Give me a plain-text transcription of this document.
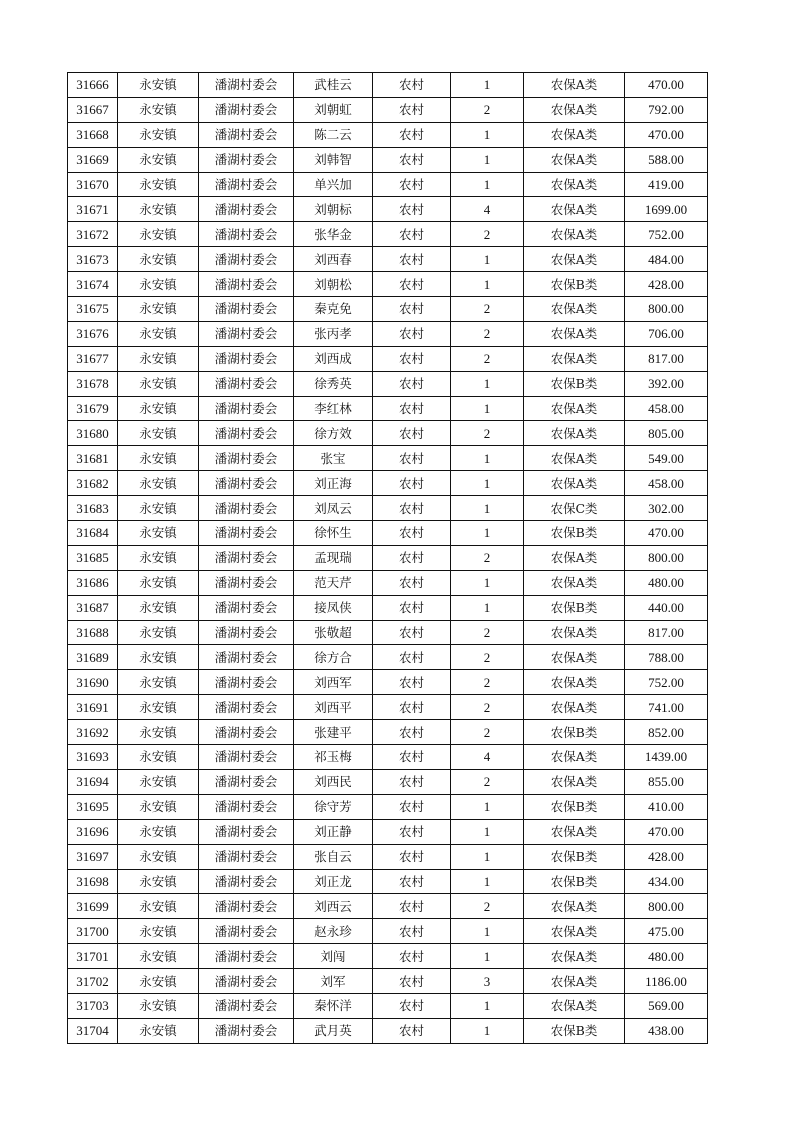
31666	永安镇	潘湖村委会	武桂云	农村	1	农保A类	470.00
31667	永安镇	潘湖村委会	刘朝虹	农村	2	农保A类	792.00
31668	永安镇	潘湖村委会	陈二云	农村	1	农保A类	470.00
31669	永安镇	潘湖村委会	刘韩智	农村	1	农保A类	588.00
31670	永安镇	潘湖村委会	单兴加	农村	1	农保A类	419.00
31671	永安镇	潘湖村委会	刘朝标	农村	4	农保A类	1699.00
31672	永安镇	潘湖村委会	张华金	农村	2	农保A类	752.00
31673	永安镇	潘湖村委会	刘西春	农村	1	农保A类	484.00
31674	永安镇	潘湖村委会	刘朝松	农村	1	农保B类	428.00
31675	永安镇	潘湖村委会	秦克免	农村	2	农保A类	800.00
31676	永安镇	潘湖村委会	张丙孝	农村	2	农保A类	706.00
31677	永安镇	潘湖村委会	刘西成	农村	2	农保A类	817.00
31678	永安镇	潘湖村委会	徐秀英	农村	1	农保B类	392.00
31679	永安镇	潘湖村委会	李红林	农村	1	农保A类	458.00
31680	永安镇	潘湖村委会	徐方效	农村	2	农保A类	805.00
31681	永安镇	潘湖村委会	张宝	农村	1	农保A类	549.00
31682	永安镇	潘湖村委会	刘正海	农村	1	农保A类	458.00
31683	永安镇	潘湖村委会	刘凤云	农村	1	农保C类	302.00
31684	永安镇	潘湖村委会	徐怀生	农村	1	农保B类	470.00
31685	永安镇	潘湖村委会	孟现瑞	农村	2	农保A类	800.00
31686	永安镇	潘湖村委会	范天芹	农村	1	农保A类	480.00
31687	永安镇	潘湖村委会	接凤侠	农村	1	农保B类	440.00
31688	永安镇	潘湖村委会	张敬超	农村	2	农保A类	817.00
31689	永安镇	潘湖村委会	徐方合	农村	2	农保A类	788.00
31690	永安镇	潘湖村委会	刘西军	农村	2	农保A类	752.00
31691	永安镇	潘湖村委会	刘西平	农村	2	农保A类	741.00
31692	永安镇	潘湖村委会	张建平	农村	2	农保B类	852.00
31693	永安镇	潘湖村委会	祁玉梅	农村	4	农保A类	1439.00
31694	永安镇	潘湖村委会	刘西民	农村	2	农保A类	855.00
31695	永安镇	潘湖村委会	徐守芳	农村	1	农保B类	410.00
31696	永安镇	潘湖村委会	刘正静	农村	1	农保A类	470.00
31697	永安镇	潘湖村委会	张自云	农村	1	农保B类	428.00
31698	永安镇	潘湖村委会	刘正龙	农村	1	农保B类	434.00
31699	永安镇	潘湖村委会	刘西云	农村	2	农保A类	800.00
31700	永安镇	潘湖村委会	赵永珍	农村	1	农保A类	475.00
31701	永安镇	潘湖村委会	刘闯	农村	1	农保A类	480.00
31702	永安镇	潘湖村委会	刘军	农村	3	农保A类	1186.00
31703	永安镇	潘湖村委会	秦怀洋	农村	1	农保A类	569.00
31704	永安镇	潘湖村委会	武月英	农村	1	农保B类	438.00
